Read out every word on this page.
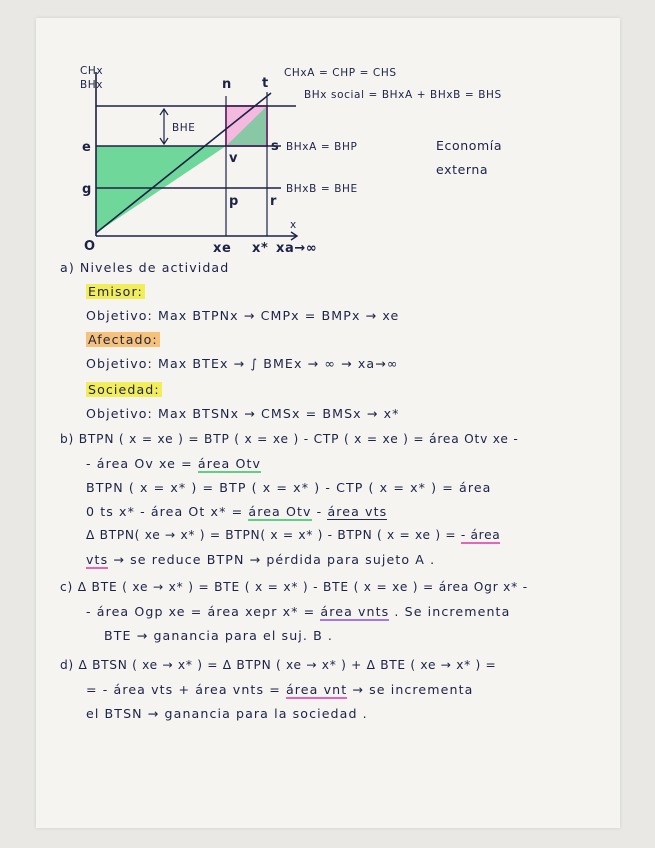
CHx
BHx
e
g
O
x
xe x* xa→∞
n t
s
v
p r
BHE
CHxA = CHP = CHS
BHx social = BHxA + BHxB = BHS
BHxA = BHP
BHxB = BHE
Economía
externa
a) Niveles de actividad
Emisor:
Objetivo: Max BTPNx → CMPx = BMPx → xe
Afectado:
Objetivo: Max BTEx → ∫ BMEx → ∞ → xa→∞
Sociedad:
Objetivo: Max BTSNx → CMSx = BMSx → x*
b) BTPN ( x = xe ) = BTP ( x = xe ) - CTP ( x = xe ) = área Otv xe -
- área Ov xe = área Otv
BTPN ( x = x* ) = BTP ( x = x* ) - CTP ( x = x* ) = área
0 ts x* - área Ot x* = área Otv - área vts
Δ BTPN( xe → x* ) = BTPN( x = x* ) - BTPN ( x = xe ) = - área
vts → se reduce BTPN → pérdida para sujeto A .
c) Δ BTE ( xe → x* ) = BTE ( x = x* ) - BTE ( x = xe ) = área Ogr x* -
- área Ogp xe = área xepr x* = área vnts . Se incrementa
BTE → ganancia para el suj. B .
d) Δ BTSN ( xe → x* ) = Δ BTPN ( xe → x* ) + Δ BTE ( xe → x* ) =
= - área vts + área vnts = área vnt → se incrementa
el BTSN → ganancia para la sociedad .
